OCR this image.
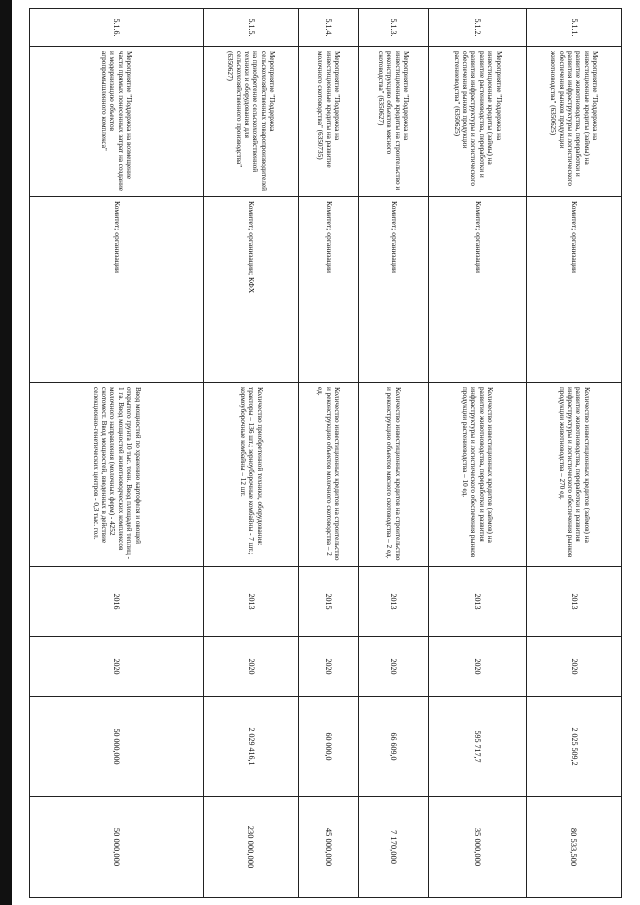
5.1.1.	Мероприятие "Поддержка на инвестиционные кредиты (займы) на развитие животноводства, переработки и развития инфраструктуры и логистического обеспечения рынков продукции животноводства" (6350625)	Комитет; организации	Количество инвестиционных кредитов (займов) на развитие животноводства, переработки и развития инфраструктуры и логистического обеспечения рынков продукции животноводства – 270 ед.	2013	2020	2 025 509,2	80 533,500
5.1.2.	Мероприятие "Поддержка на инвестиционные кредиты (займы) на развитие растениеводства, переработки и развития инфраструктуры и логистического обеспечения рынков продукции растениеводства" (6350625)	Комитет; организации	Количество инвестиционных кредитов (займов) на развитие животноводства, переработки и развития инфраструктуры и логистического обеспечения рынков продукции растениеводства – 10 ед.	2013	2020	595 717,7	35 000,000
5.1.3.	Мероприятие "Поддержка на инвестиционные кредиты на строительство и реконструкцию объектов мясного скотоводства" (6350627)	Комитет; организации	Количество инвестиционных кредитов на строительство и реконструкцию объектов мясного скотоводства – 2 ед.	2013	2020	66 609,0	7 170,000
5.1.4.	Мероприятие "Поддержка на инвестиционные кредиты на развитие молочного скотоводства" (6350735)	Комитет; организации	Количество инвестиционных кредитов на строительство и реконструкцию объектов молочного скотоводства – 2 ед.	2015	2020	60 000,0	45 000,000
5.1.5.	Мероприятие "Поддержка сельскохозяйственных товаропроизводителей на приобретение сельскохозяйственной техники и оборудования для сельскохозяйственного производства" (6350627)	Комитет; организации; КФХ	Количество приобретенной техники, оборудования: тракторы – 136 шт.; зерноуборочные комбайны - 7 шт.; кормоуборочные комбайны – 12 шт.	2013	2020	2 029 416,1	230 000,000
5.1.6.	Мероприятие "Поддержка на возмещение части прямых понесенных затрат на создание и модернизацию объектов агропромышленного комплекса"	Комитет; организации	Ввод мощностей по хранению картофеля и овощей открытого грунта 10 тыс. тонн. Ввод площадей теплиц - 1 га. Ввод мощностей животноводческих комплексов молочного направления (молочных ферм) - 4252 скотомест. Ввод мощностей, введенных в действие селекционно-генетических центров - 0,3 тыс. гол.	2016	2020	50 000,000	50 000,000
